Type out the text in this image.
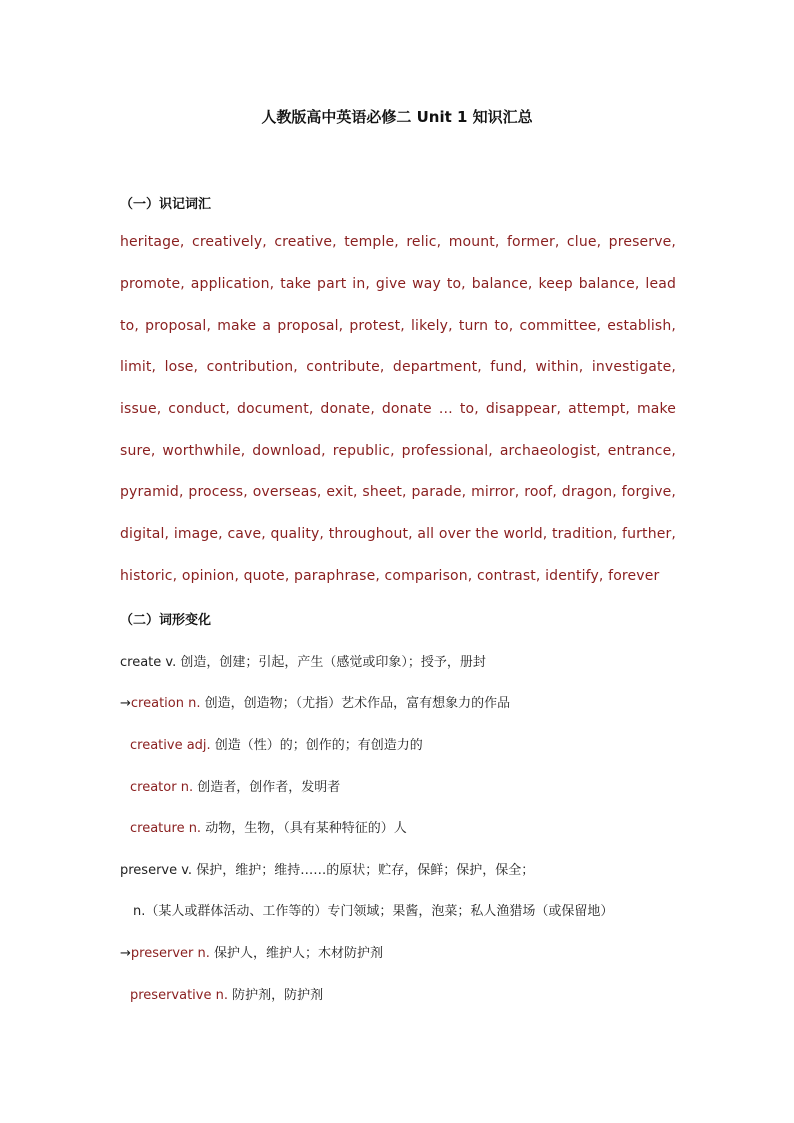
人教版高中英语必修二 Unit 1 知识汇总
（一）识记词汇
heritage, creatively, creative, temple, relic, mount, former, clue, preserve,
promote, application, take part in, give way to, balance, keep balance, lead
to, proposal, make a proposal, protest, likely, turn to, committee, establish,
limit, lose, contribution, contribute, department, fund, within, investigate,
issue, conduct, document, donate, donate … to, disappear, attempt, make
sure, worthwhile, download, republic, professional, archaeologist, entrance,
pyramid, process, overseas, exit, sheet, parade, mirror, roof, dragon, forgive,
digital, image, cave, quality, throughout, all over the world, tradition, further,
historic, opinion, quote, paraphrase, comparison, contrast, identify, forever
（二）词形变化
create v. 创造，创建；引起，产生（感觉或印象）；授予，册封
→creation n. 创造，创造物；（尤指）艺术作品，富有想象力的作品
creative adj. 创造（性）的；创作的；有创造力的
creator n. 创造者，创作者，发明者
creature n. 动物，生物，（具有某种特征的）人
preserve v. 保护，维护；维持……的原状；贮存，保鲜；保护，保全；
n.（某人或群体活动、工作等的）专门领域；果酱，泡菜；私人渔猎场（或保留地）
→preserver n. 保护人，维护人；木材防护剂
preservative n. 防护剂，防护剂
